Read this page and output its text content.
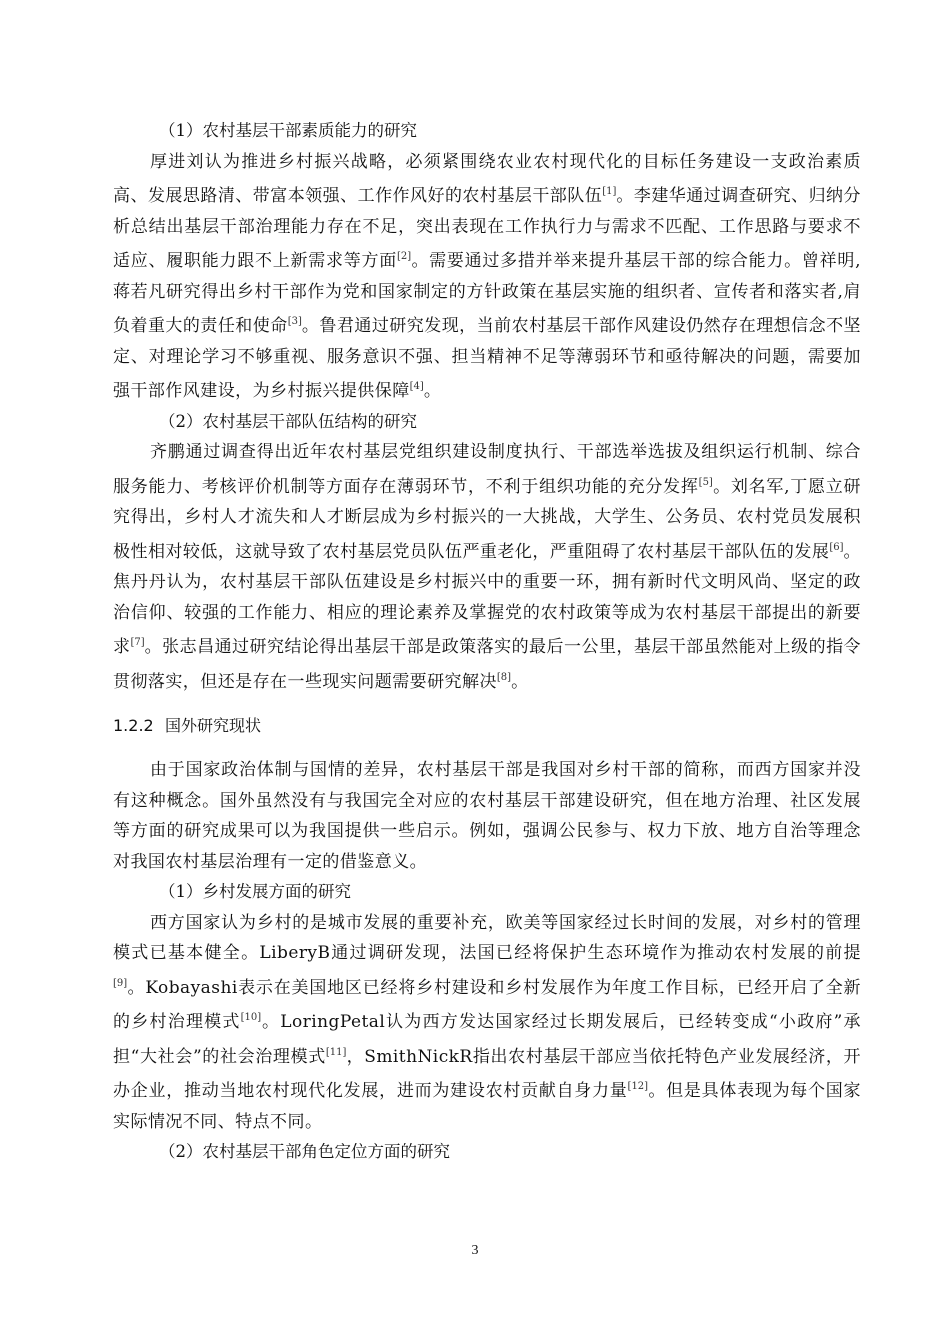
（1）农村基层干部素质能力的研究

厚进刘认为推进乡村振兴战略，必须紧围绕农业农村现代化的目标任务建设一支政治素质高、发展思路清、带富本领强、工作作风好的农村基层干部队伍[1]。李建华通过调查研究、归纳分析总结出基层干部治理能力存在不足，突出表现在工作执行力与需求不匹配、工作思路与要求不适应、履职能力跟不上新需求等方面[2]。需要通过多措并举来提升基层干部的综合能力。曾祥明,蒋若凡研究得出乡村干部作为党和国家制定的方针政策在基层实施的组织者、宣传者和落实者,肩负着重大的责任和使命[3]。鲁君通过研究发现，当前农村基层干部作风建设仍然存在理想信念不坚定、对理论学习不够重视、服务意识不强、担当精神不足等薄弱环节和亟待解决的问题，需要加强干部作风建设，为乡村振兴提供保障[4]。

（2）农村基层干部队伍结构的研究

齐鹏通过调查得出近年农村基层党组织建设制度执行、干部选举选拔及组织运行机制、综合服务能力、考核评价机制等方面存在薄弱环节，不利于组织功能的充分发挥[5]。刘名军,丁愿立研究得出，乡村人才流失和人才断层成为乡村振兴的一大挑战，大学生、公务员、农村党员发展积极性相对较低，这就导致了农村基层党员队伍严重老化，严重阻碍了农村基层干部队伍的发展[6]。焦丹丹认为，农村基层干部队伍建设是乡村振兴中的重要一环，拥有新时代文明风尚、坚定的政治信仰、较强的工作能力、相应的理论素养及掌握党的农村政策等成为农村基层干部提出的新要求[7]。张志昌通过研究结论得出基层干部是政策落实的最后一公里，基层干部虽然能对上级的指令贯彻落实，但还是存在一些现实问题需要研究解决[8]。

1.2.2 国外研究现状

由于国家政治体制与国情的差异，农村基层干部是我国对乡村干部的简称，而西方国家并没有这种概念。国外虽然没有与我国完全对应的农村基层干部建设研究，但在地方治理、社区发展等方面的研究成果可以为我国提供一些启示。例如，强调公民参与、权力下放、地方自治等理念对我国农村基层治理有一定的借鉴意义。

（1）乡村发展方面的研究

西方国家认为乡村的是城市发展的重要补充，欧美等国家经过长时间的发展，对乡村的管理模式已基本健全。LiberyB通过调研发现，法国已经将保护生态环境作为推动农村发展的前提[9]。Kobayashi表示在美国地区已经将乡村建设和乡村发展作为年度工作目标，已经开启了全新的乡村治理模式[10]。LoringPetal认为西方发达国家经过长期发展后，已经转变成“小政府”承担“大社会”的社会治理模式[11]，SmithNickR指出农村基层干部应当依托特色产业发展经济，开办企业，推动当地农村现代化发展，进而为建设农村贡献自身力量[12]。但是具体表现为每个国家实际情况不同、特点不同。

（2）农村基层干部角色定位方面的研究

3
